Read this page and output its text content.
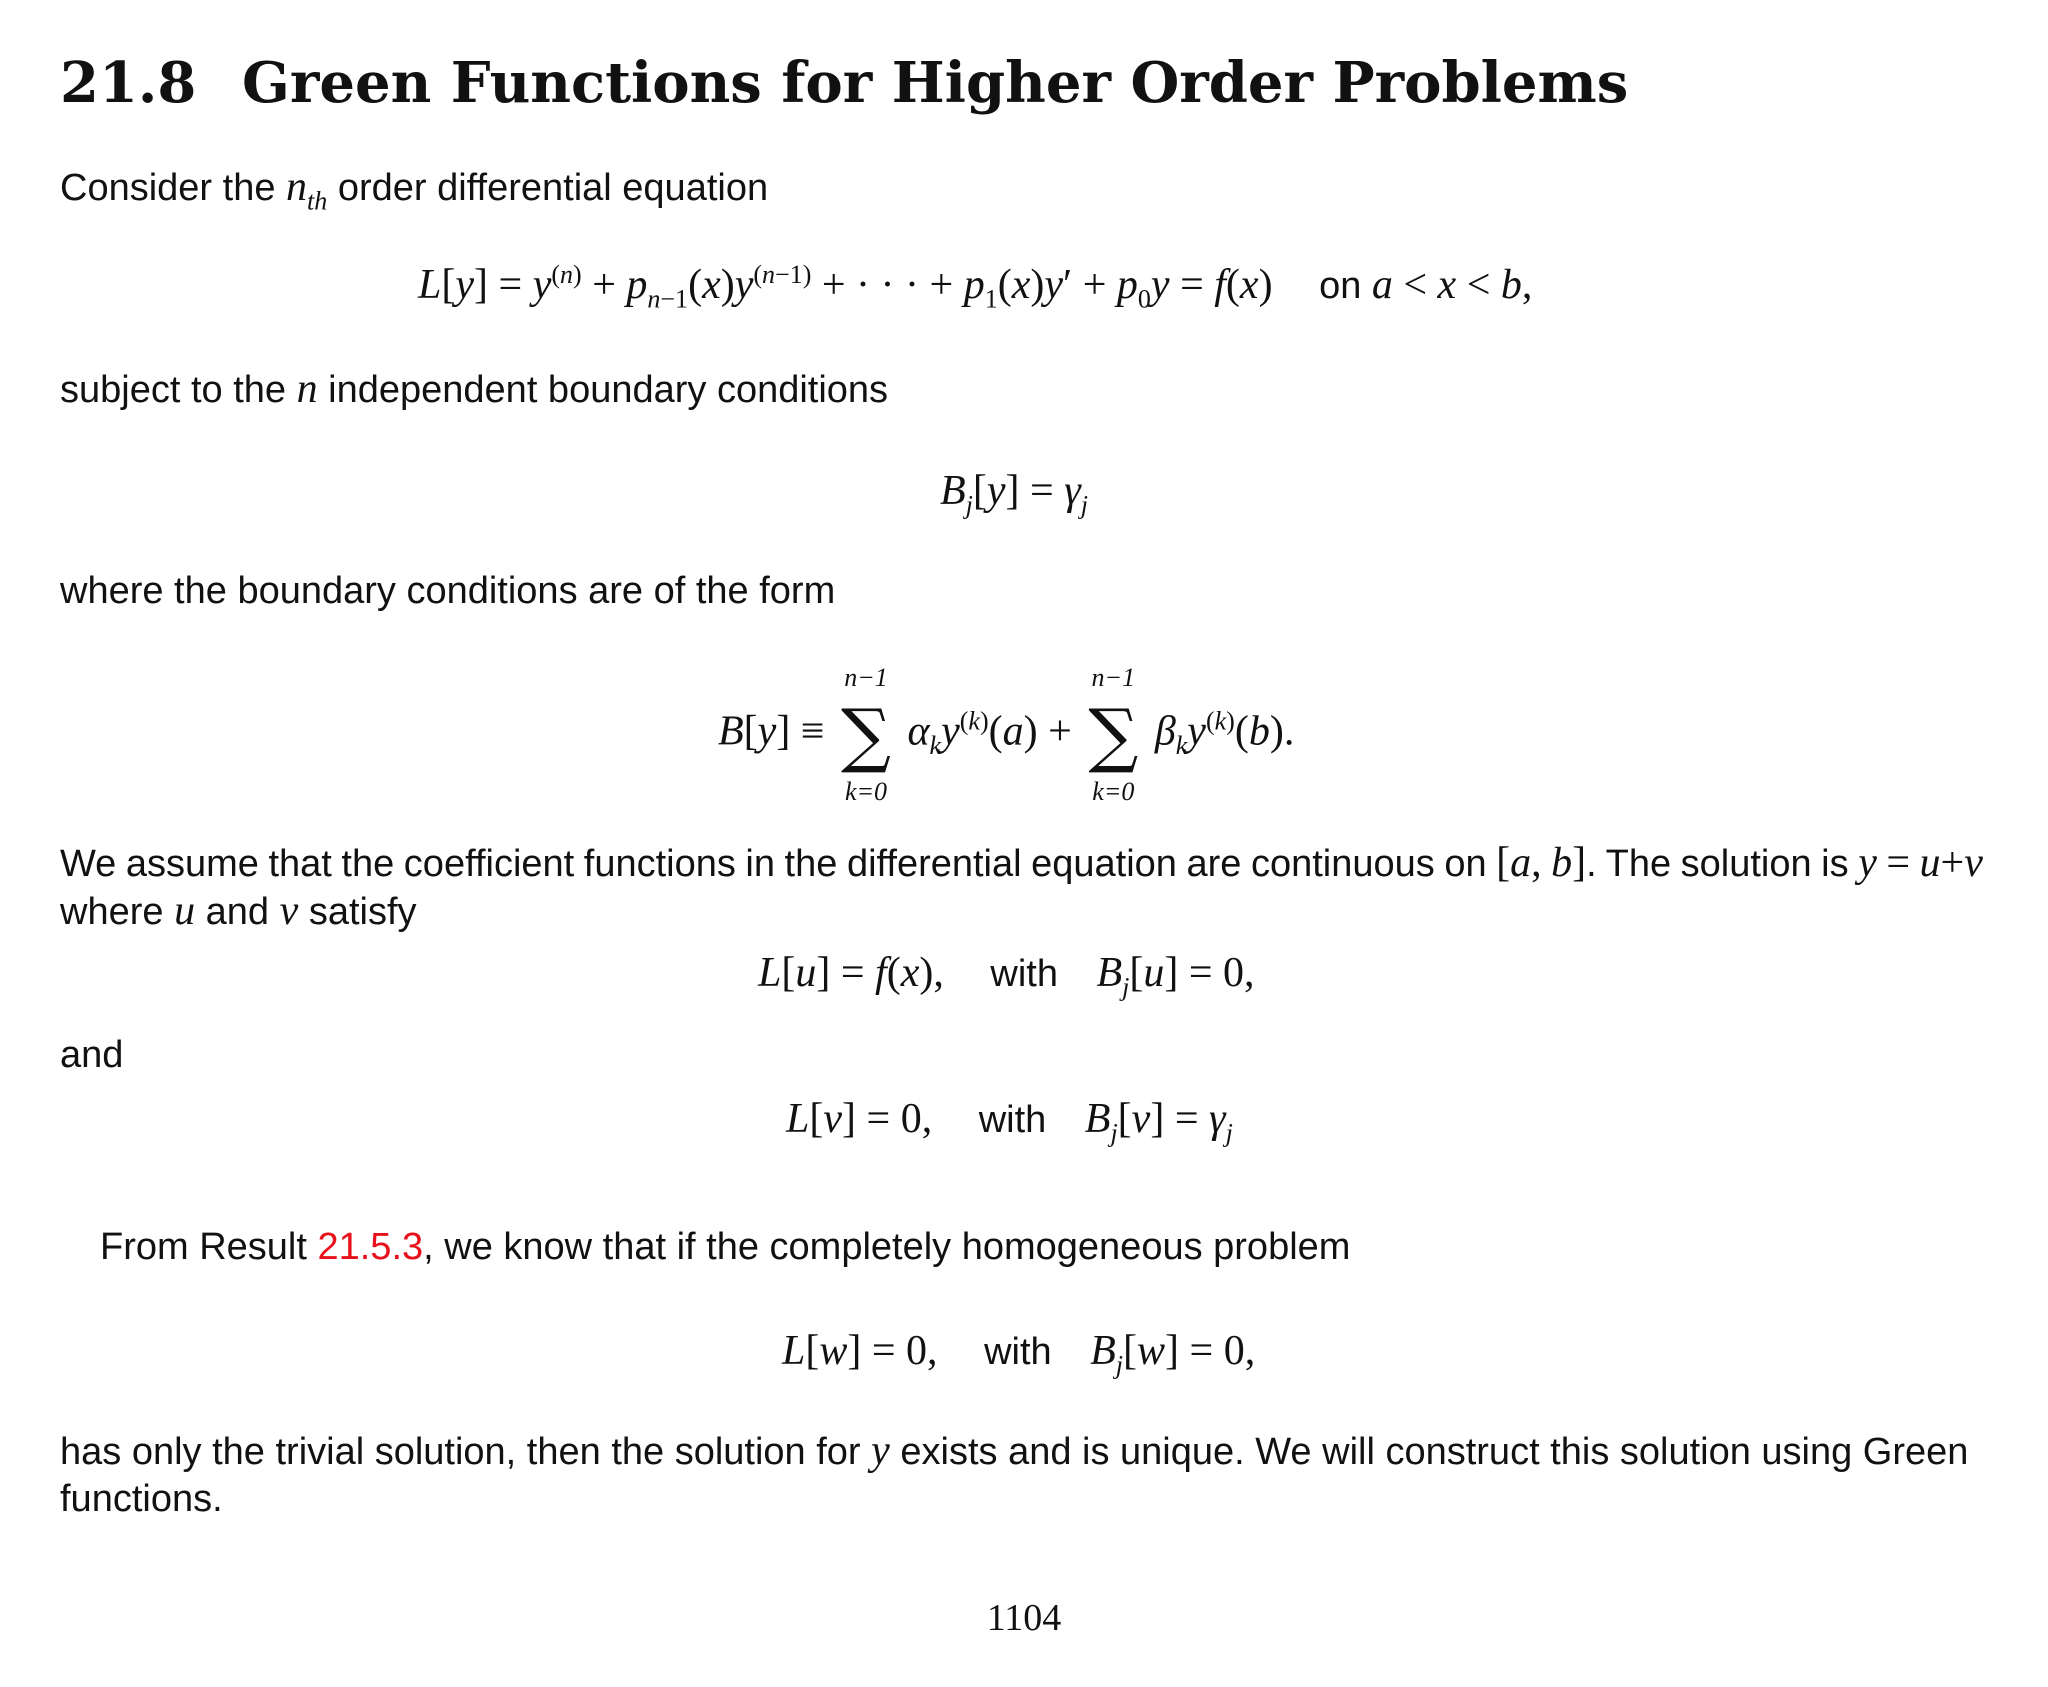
21.8 Green Functions for Higher Order Problems
Consider the $n_{th}$ order differential equation
$L[y] = y^{(n)} + p_{n-1}(x)y^{(n-1)}$ + · · · + $p_1(x)y' + p_0y = f(x)$ on a < x < b,
subject to the n independent boundary conditions
$B_j[y] = \gamma_j$
where the boundary conditions are of the form
B[y] ≡
n−1
∑
k=0
$\alpha_ky^{(k)}(a)$ +
n−1
∑
k=0
$\beta_ky^{(k)}(b)$.
We assume that the coefficient functions in the differential equation are continuous on [a, b]. The solution is y = u+v
where u and v satisfy
L[u] = f(x), with $B_j[u] = 0$,
and
L[v] = 0, with $B_j[v] = \gamma_j$
From Result 21.5.3, we know that if the completely homogeneous problem
L[w] = 0, with $B_j[w] = 0$,
has only the trivial solution, then the solution for y exists and is unique. We will construct this solution using Green
functions.
1104
